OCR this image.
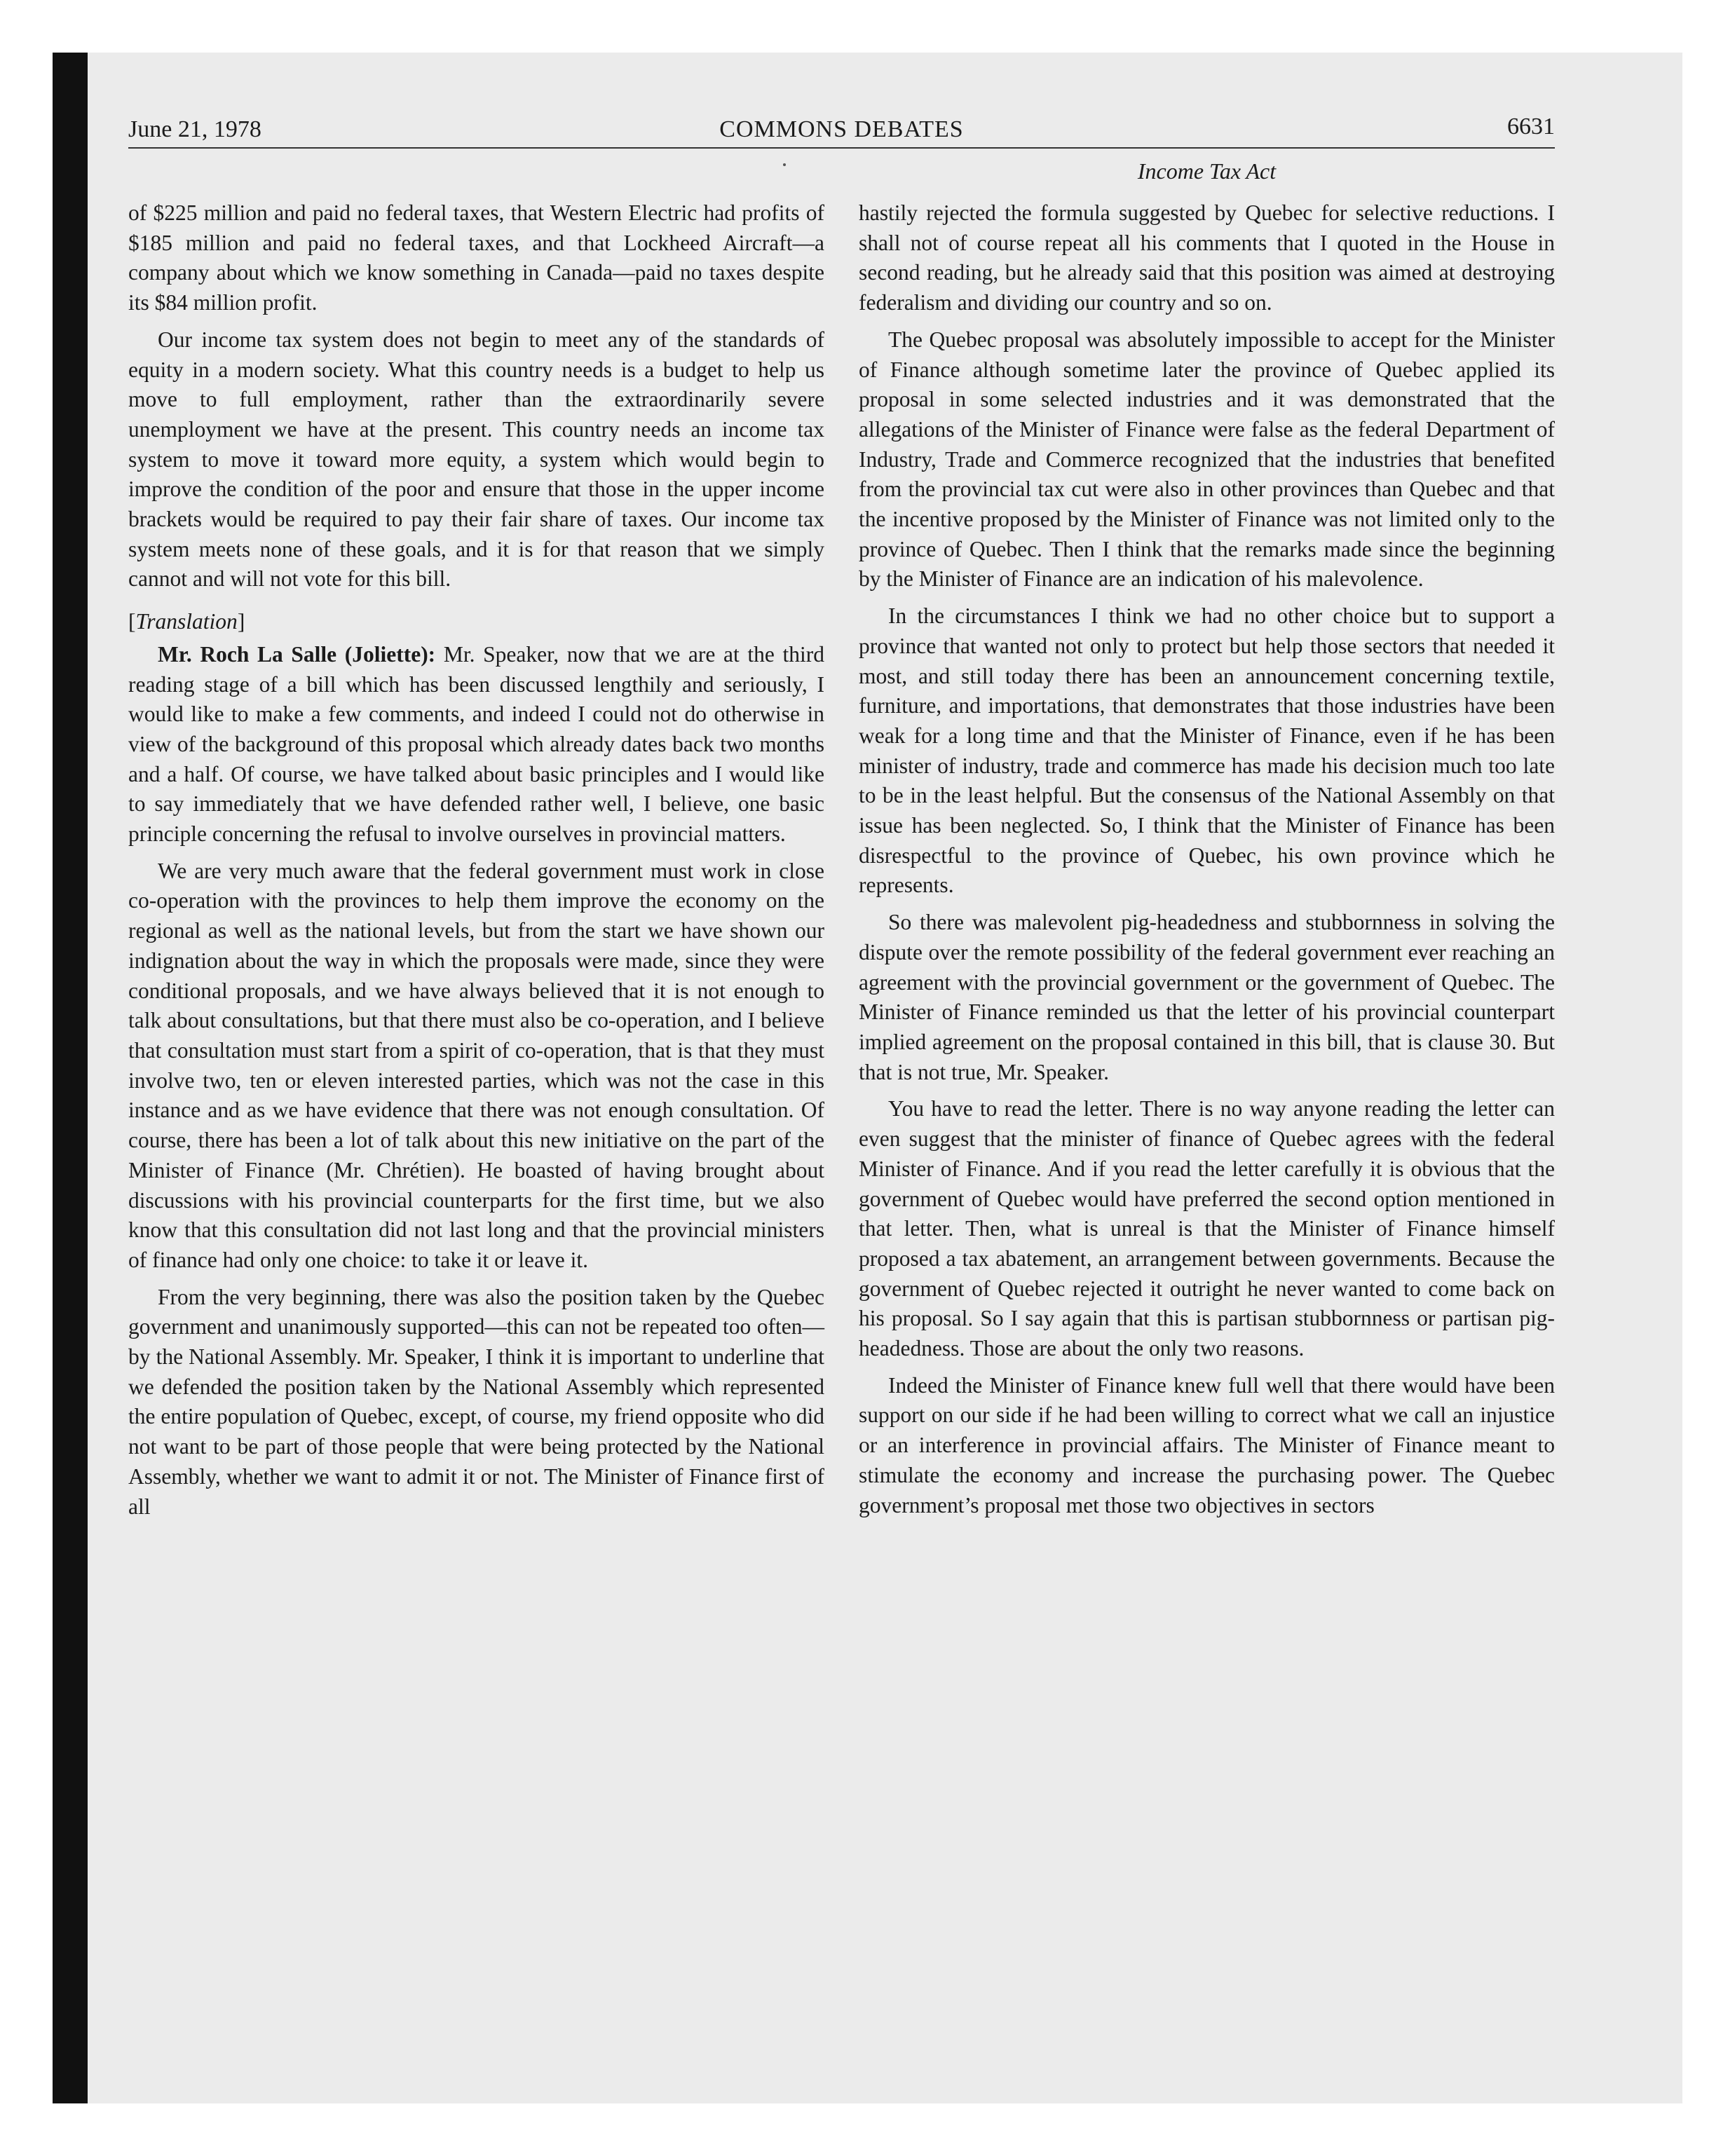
June 21, 1978	COMMONS DEBATES	6631
Income Tax Act

of $225 million and paid no federal taxes, that Western Electric had profits of $185 million and paid no federal taxes, and that Lockheed Aircraft—a company about which we know something in Canada—paid no taxes despite its $84 million profit.

Our income tax system does not begin to meet any of the standards of equity in a modern society. What this country needs is a budget to help us move to full employment, rather than the extraordinarily severe unemployment we have at the present. This country needs an income tax system to move it toward more equity, a system which would begin to improve the condition of the poor and ensure that those in the upper income brackets would be required to pay their fair share of taxes. Our income tax system meets none of these goals, and it is for that reason that we simply cannot and will not vote for this bill.

[Translation]

Mr. Roch La Salle (Joliette): Mr. Speaker, now that we are at the third reading stage of a bill which has been discussed lengthily and seriously, I would like to make a few comments, and indeed I could not do otherwise in view of the background of this proposal which already dates back two months and a half. Of course, we have talked about basic principles and I would like to say immediately that we have defended rather well, I believe, one basic principle concerning the refusal to involve ourselves in provincial matters.

We are very much aware that the federal government must work in close co-operation with the provinces to help them improve the economy on the regional as well as the national levels, but from the start we have shown our indignation about the way in which the proposals were made, since they were conditional proposals, and we have always believed that it is not enough to talk about consultations, but that there must also be co-operation, and I believe that consultation must start from a spirit of co-operation, that is that they must involve two, ten or eleven interested parties, which was not the case in this instance and as we have evidence that there was not enough consultation. Of course, there has been a lot of talk about this new initiative on the part of the Minister of Finance (Mr. Chrétien). He boasted of having brought about discussions with his provincial counterparts for the first time, but we also know that this consultation did not last long and that the provincial ministers of finance had only one choice: to take it or leave it.

From the very beginning, there was also the position taken by the Quebec government and unanimously supported—this can not be repeated too often—by the National Assembly. Mr. Speaker, I think it is important to underline that we defended the position taken by the National Assembly which represented the entire population of Quebec, except, of course, my friend opposite who did not want to be part of those people that were being protected by the National Assembly, whether we want to admit it or not. The Minister of Finance first of all

hastily rejected the formula suggested by Quebec for selective reductions. I shall not of course repeat all his comments that I quoted in the House in second reading, but he already said that this position was aimed at destroying federalism and dividing our country and so on.

The Quebec proposal was absolutely impossible to accept for the Minister of Finance although sometime later the province of Quebec applied its proposal in some selected industries and it was demonstrated that the allegations of the Minister of Finance were false as the federal Department of Industry, Trade and Commerce recognized that the industries that benefited from the provincial tax cut were also in other provinces than Quebec and that the incentive proposed by the Minister of Finance was not limited only to the province of Quebec. Then I think that the remarks made since the beginning by the Minister of Finance are an indication of his malevolence.

In the circumstances I think we had no other choice but to support a province that wanted not only to protect but help those sectors that needed it most, and still today there has been an announcement concerning textile, furniture, and importations, that demonstrates that those industries have been weak for a long time and that the Minister of Finance, even if he has been minister of industry, trade and commerce has made his decision much too late to be in the least helpful. But the consensus of the National Assembly on that issue has been neglected. So, I think that the Minister of Finance has been disrespectful to the province of Quebec, his own province which he represents.

So there was malevolent pig-headedness and stubbornness in solving the dispute over the remote possibility of the federal government ever reaching an agreement with the provincial government or the government of Quebec. The Minister of Finance reminded us that the letter of his provincial counterpart implied agreement on the proposal contained in this bill, that is clause 30. But that is not true, Mr. Speaker.

You have to read the letter. There is no way anyone reading the letter can even suggest that the minister of finance of Quebec agrees with the federal Minister of Finance. And if you read the letter carefully it is obvious that the government of Quebec would have preferred the second option mentioned in that letter. Then, what is unreal is that the Minister of Finance himself proposed a tax abatement, an arrangement between governments. Because the government of Quebec rejected it outright he never wanted to come back on his proposal. So I say again that this is partisan stubbornness or partisan pig-headedness. Those are about the only two reasons.

Indeed the Minister of Finance knew full well that there would have been support on our side if he had been willing to correct what we call an injustice or an interference in provincial affairs. The Minister of Finance meant to stimulate the economy and increase the purchasing power. The Quebec government’s proposal met those two objectives in sectors
